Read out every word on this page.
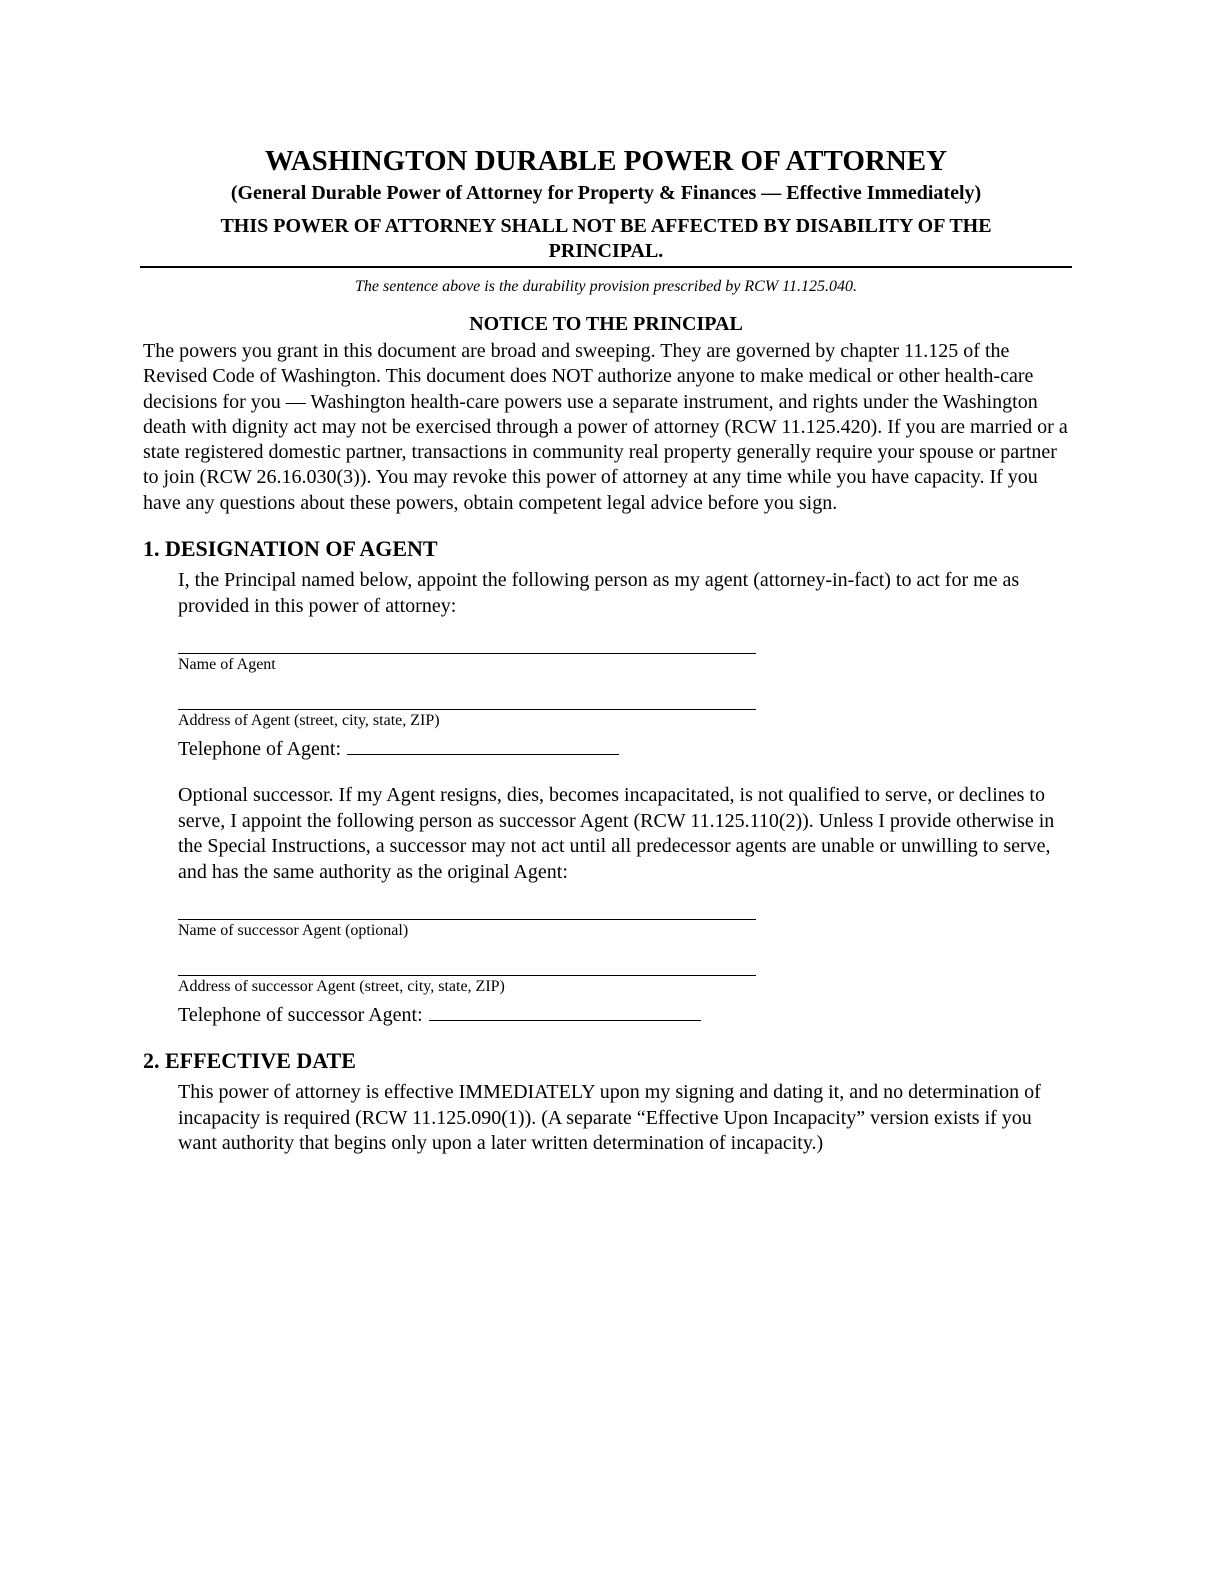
WASHINGTON DURABLE POWER OF ATTORNEY
(General Durable Power of Attorney for Property & Finances — Effective Immediately)
THIS POWER OF ATTORNEY SHALL NOT BE AFFECTED BY DISABILITY OF THE PRINCIPAL.
The sentence above is the durability provision prescribed by RCW 11.125.040.
NOTICE TO THE PRINCIPAL

The powers you grant in this document are broad and sweeping. They are governed by chapter 11.125 of the Revised Code of Washington. This document does NOT authorize anyone to make medical or other health-care decisions for you — Washington health-care powers use a separate instrument, and rights under the Washington death with dignity act may not be exercised through a power of attorney (RCW 11.125.420). If you are married or a state registered domestic partner, transactions in community real property generally require your spouse or partner to join (RCW 26.16.030(3)). You may revoke this power of attorney at any time while you have capacity. If you have any questions about these powers, obtain competent legal advice before you sign.

1. DESIGNATION OF AGENT

I, the Principal named below, appoint the following person as my agent (attorney-in-fact) to act for me as provided in this power of attorney:

Name of Agent
Address of Agent (street, city, state, ZIP)
Telephone of Agent:

Optional successor. If my Agent resigns, dies, becomes incapacitated, is not qualified to serve, or declines to serve, I appoint the following person as successor Agent (RCW 11.125.110(2)). Unless I provide otherwise in the Special Instructions, a successor may not act until all predecessor agents are unable or unwilling to serve, and has the same authority as the original Agent:

Name of successor Agent (optional)
Address of successor Agent (street, city, state, ZIP)
Telephone of successor Agent:
2. EFFECTIVE DATE

This power of attorney is effective IMMEDIATELY upon my signing and dating it, and no determination of incapacity is required (RCW 11.125.090(1)). (A separate “Effective Upon Incapacity” version exists if you want authority that begins only upon a later written determination of incapacity.)
